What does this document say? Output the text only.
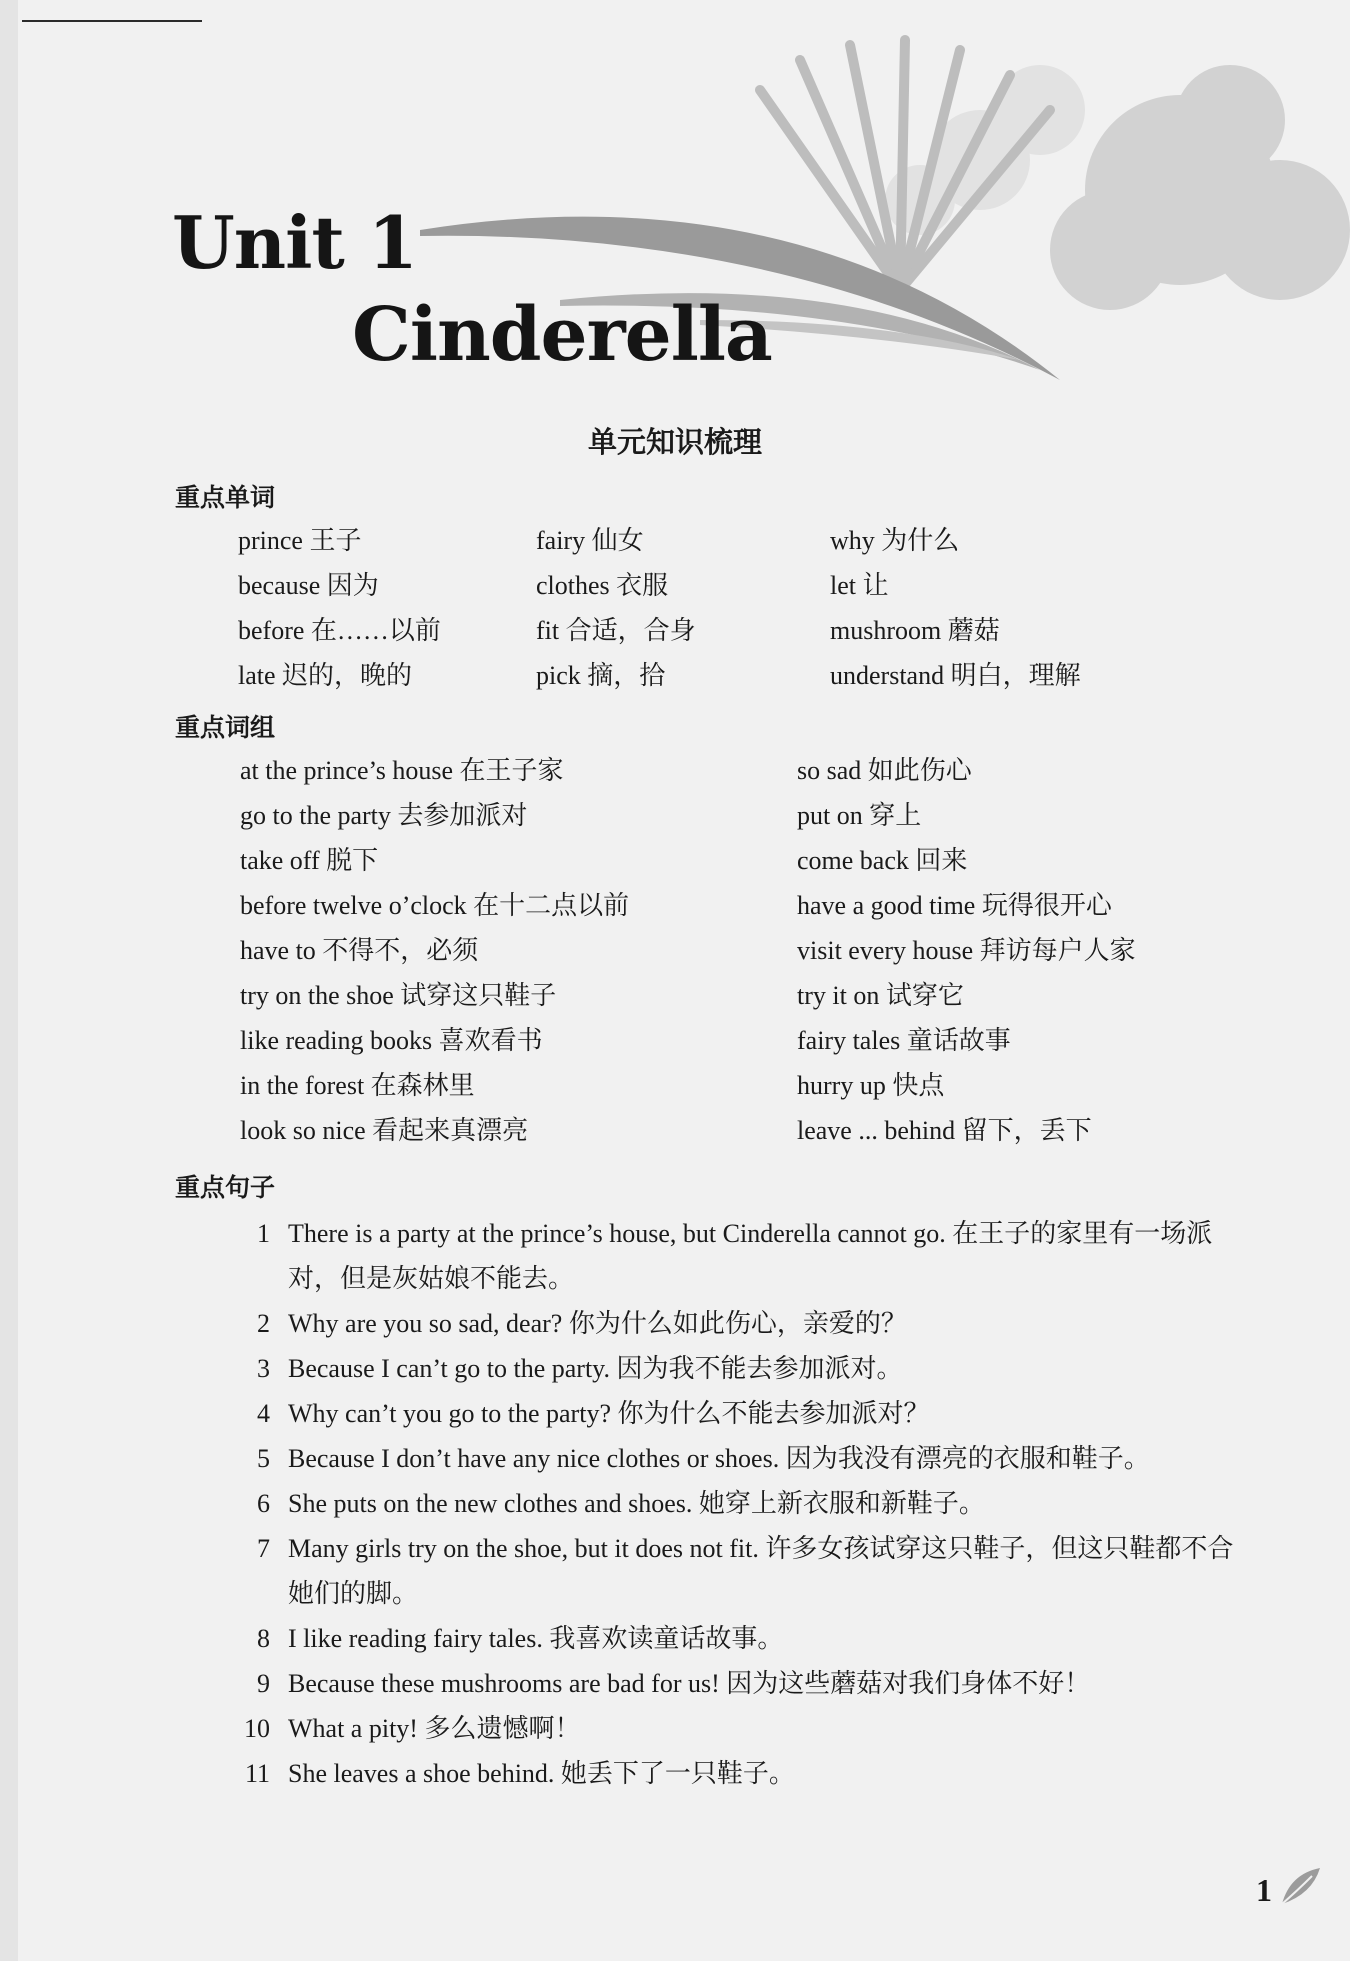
Unit 1
Cinderella
单元知识梳理
重点单词
prince 王子
because 因为
before 在……以前
late 迟的，晚的
fairy 仙女
clothes 衣服
fit 合适，合身
pick 摘，拾
why 为什么
let 让
mushroom 蘑菇
understand 明白，理解
重点词组
at the prince’s house 在王子家
go to the party 去参加派对
take off 脱下
before twelve o’clock 在十二点以前
have to 不得不，必须
try on the shoe 试穿这只鞋子
like reading books 喜欢看书
in the forest 在森林里
look so nice 看起来真漂亮
so sad 如此伤心
put on 穿上
come back 回来
have a good time 玩得很开心
visit every house 拜访每户人家
try it on 试穿它
fairy tales 童话故事
hurry up 快点
leave ... behind 留下，丢下
重点句子
1 There is a party at the prince’s house, but Cinderella cannot go. 在王子的家里有一场派对，但是灰姑娘不能去。
2 Why are you so sad, dear? 你为什么如此伤心，亲爱的？
3 Because I can’t go to the party. 因为我不能去参加派对。
4 Why can’t you go to the party? 你为什么不能去参加派对？
5 Because I don’t have any nice clothes or shoes. 因为我没有漂亮的衣服和鞋子。
6 She puts on the new clothes and shoes. 她穿上新衣服和新鞋子。
7 Many girls try on the shoe, but it does not fit. 许多女孩试穿这只鞋子，但这只鞋都不合她们的脚。
8 I like reading fairy tales. 我喜欢读童话故事。
9 Because these mushrooms are bad for us! 因为这些蘑菇对我们身体不好！
10 What a pity! 多么遗憾啊！
11 She leaves a shoe behind. 她丢下了一只鞋子。
1
